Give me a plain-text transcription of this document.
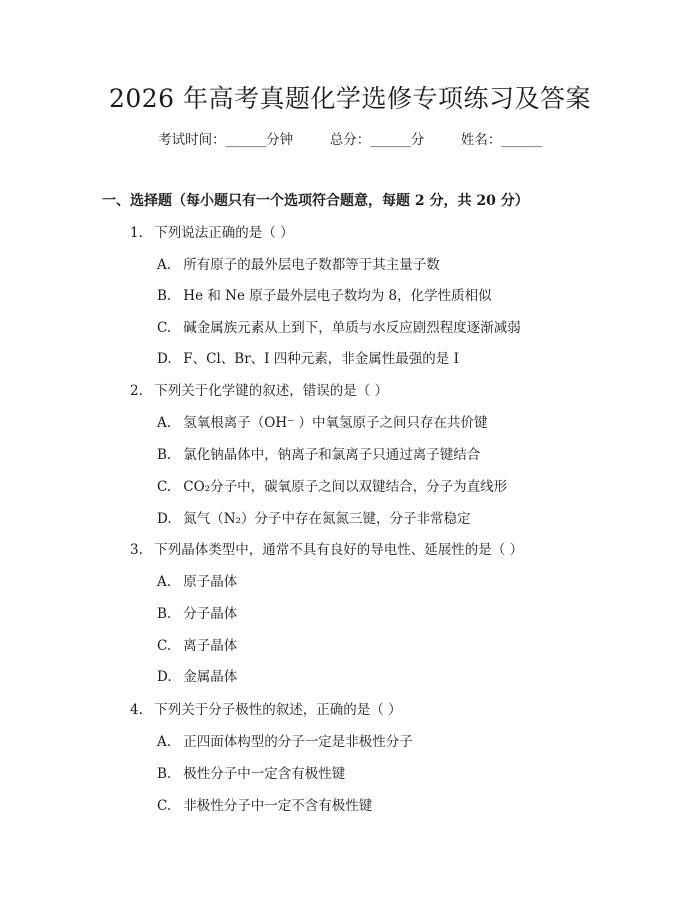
2026 年高考真题化学选修专项练习及答案
考试时间：______分钟	总分：______分	姓名：______
一、选择题（每小题只有一个选项符合题意，每题 2 分，共 20 分）
1. 下列说法正确的是（ ）
A. 所有原子的最外层电子数都等于其主量子数
B. He 和 Ne 原子最外层电子数均为 8，化学性质相似
C. 碱金属族元素从上到下，单质与水反应剧烈程度逐渐减弱
D. F、Cl、Br、I 四种元素，非金属性最强的是 I
2. 下列关于化学键的叙述，错误的是（ ）
A. 氢氧根离子（OH⁻ ）中氧氢原子之间只存在共价键
B. 氯化钠晶体中，钠离子和氯离子只通过离子键结合
C. CO₂分子中，碳氧原子之间以双键结合，分子为直线形
D. 氮气（N₂）分子中存在氮氮三键，分子非常稳定
3. 下列晶体类型中，通常不具有良好的导电性、延展性的是（ ）
A. 原子晶体
B. 分子晶体
C. 离子晶体
D. 金属晶体
4. 下列关于分子极性的叙述，正确的是（ ）
A. 正四面体构型的分子一定是非极性分子
B. 极性分子中一定含有极性键
C. 非极性分子中一定不含有极性键
